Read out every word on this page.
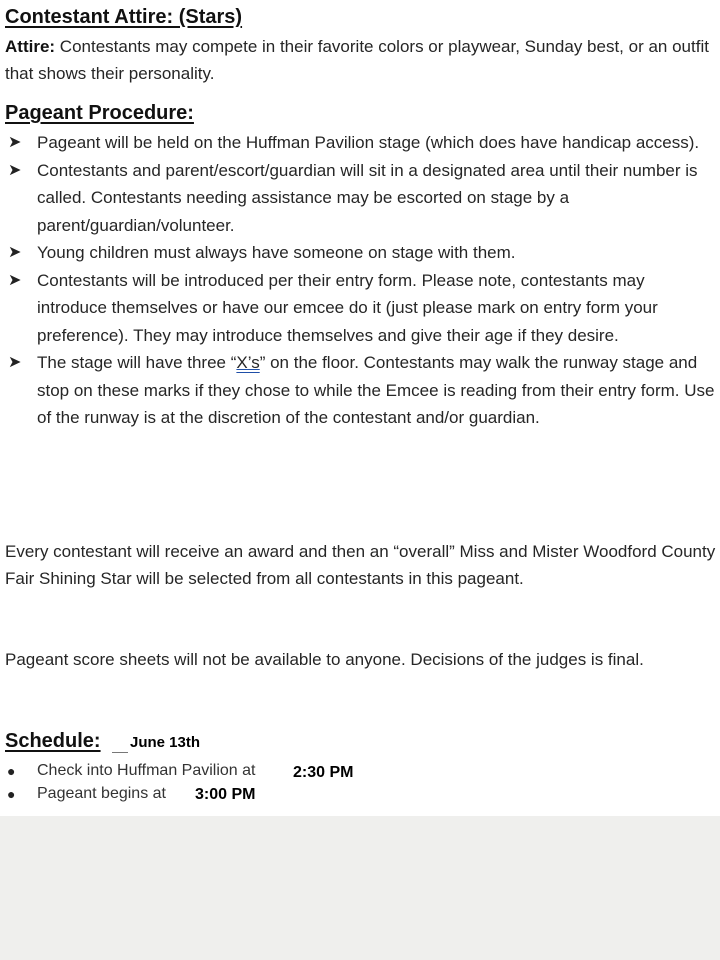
Contestant Attire: (Stars)
Attire: Contestants may compete in their favorite colors or playwear, Sunday best, or an outfit that shows their personality.
Pageant Procedure:
➤ Pageant will be held on the Huffman Pavilion stage (which does have handicap access).
➤ Contestants and parent/escort/guardian will sit in a designated area until their number is called. Contestants needing assistance may be escorted on stage by a parent/guardian/volunteer.
➤ Young children must always have someone on stage with them.
➤ Contestants will be introduced per their entry form. Please note, contestants may introduce themselves or have our emcee do it (just please mark on entry form your preference). They may introduce themselves and give their age if they desire.
➤ The stage will have three “X’s” on the floor. Contestants may walk the runway stage and stop on these marks if they chose to while the Emcee is reading from their entry form. Use of the runway is at the discretion of the contestant and/or guardian.
Every contestant will receive an award and then an “overall” Miss and Mister Woodford County Fair Shining Star will be selected from all contestants in this pageant.
Pageant score sheets will not be available to anyone. Decisions of the judges is final.
Schedule: June 13th
● Check into Huffman Pavilion at 2:30 PM
● Pageant begins at 3:00 PM
